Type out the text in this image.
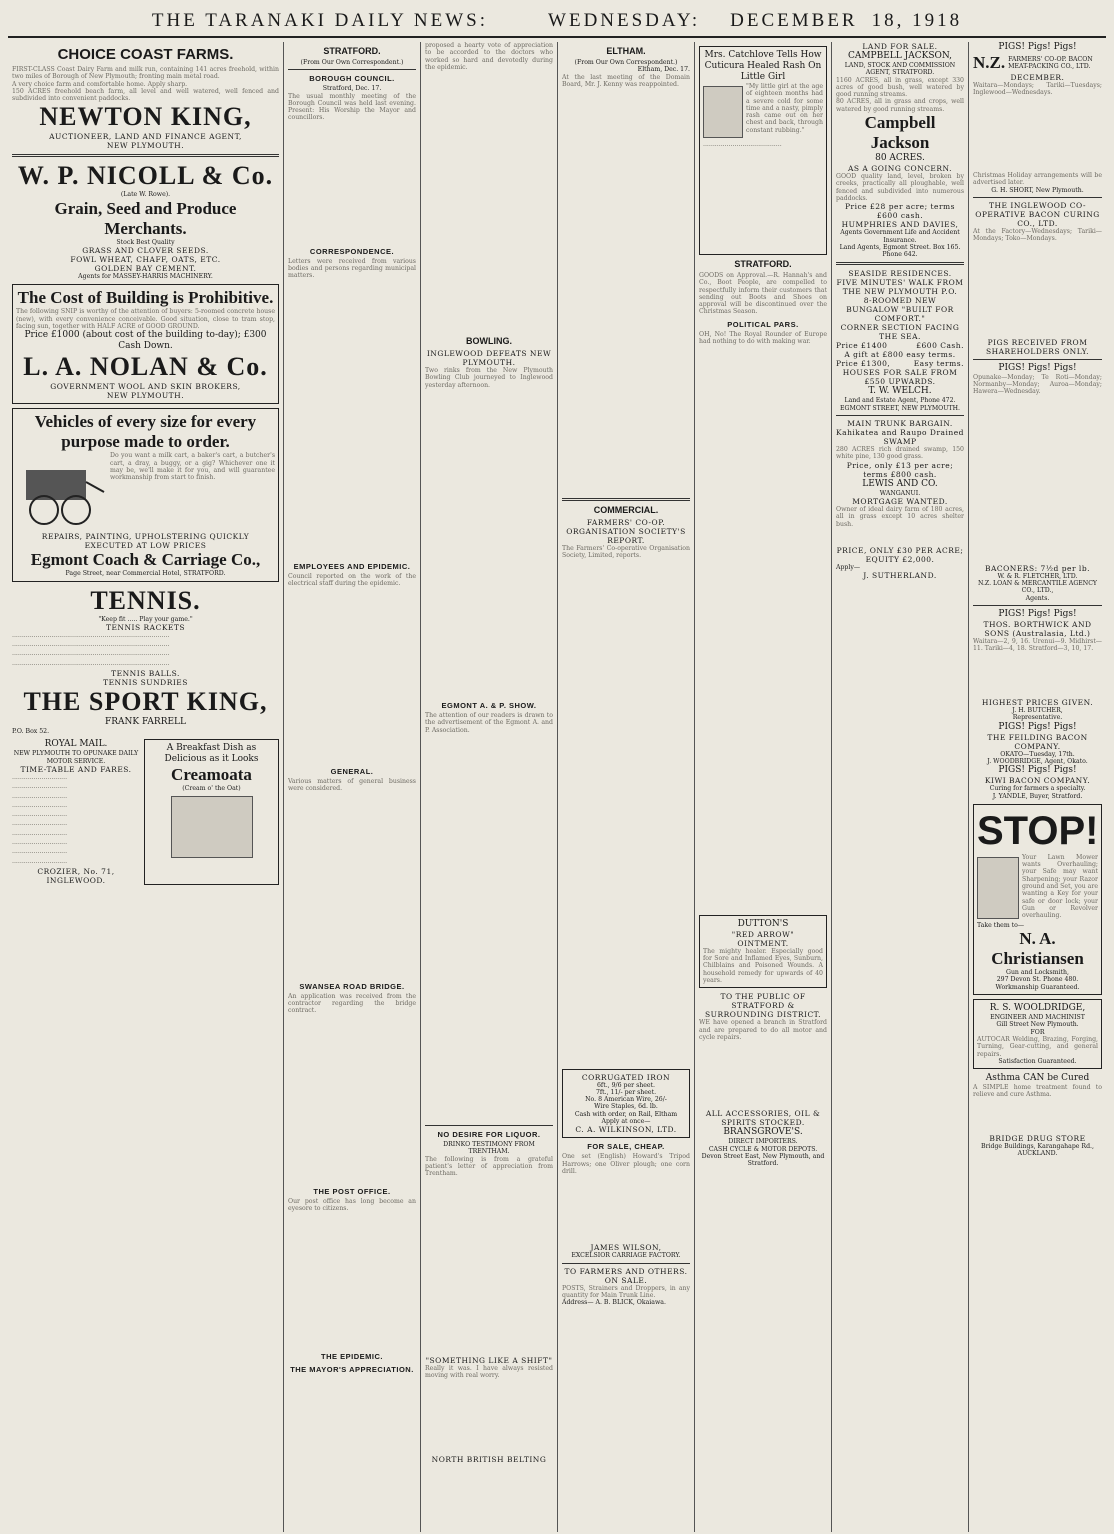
THE TARANAKI DAILY NEWS:	WEDNESDAY: DECEMBER 18, 1918
CHOICE COAST FARMS.
FIRST-CLASS Coast Dairy Farm and milk run, containing 141 acres freehold, within two miles of Borough of New Plymouth; fronting main metal road.
A very choice farm and comfortable home. Apply sharp.
150 ACRES freehold beach farm, all level and well watered, well fenced and subdivided into convenient paddocks.
NEWTON KING,
AUCTIONEER, LAND AND FINANCE AGENT,
NEW PLYMOUTH.
W. P. NICOLL & Co.
(Late W. Rowe).
Grain, Seed and Produce Merchants.
Stock Best Quality
GRASS AND CLOVER SEEDS.
FOWL WHEAT, CHAFF, OATS, ETC.
GOLDEN BAY CEMENT.
Agents for MASSEY-HARRIS MACHINERY.
The Cost of Building is Prohibitive.
The following SNIP is worthy of the attention of buyers: 5-roomed concrete house (new), with every convenience conceivable. Good situation, close to tram stop, facing sun, together with HALF ACRE of GOOD GROUND.
Price £1000 (about cost of the building to-day); £300 Cash Down.
L. A. NOLAN & Co.
GOVERNMENT WOOL AND SKIN BROKERS,
NEW PLYMOUTH.
Vehicles of every size for every
purpose made to order.
Do you want a milk cart, a baker's cart, a butcher's cart, a dray, a buggy, or a gig? Whichever one it may be, we'll make it for you, and will guarantee workmanship from start to finish.
REPAIRS, PAINTING, UPHOLSTERING QUICKLY EXECUTED AT LOW PRICES
Egmont Coach & Carriage Co.,
Page Street, near Commercial Hotel, STRATFORD.
TENNIS.
"Keep fit ..... Play your game."
TENNIS RACKETS

................................................................................

................................................................................

................................................................................

................................................................................

TENNIS BALLS.
TENNIS SUNDRIES
THE SPORT KING,
FRANK FARRELL
P.O. Box 52.
ROYAL MAIL.
NEW PLYMOUTH TO OPUNAKE DAILY MOTOR SERVICE.
TIME-TABLE AND FARES.

............................

............................

............................

............................

............................

............................

............................

............................

............................

............................

CROZIER, No. 71, INGLEWOOD.
A Breakfast Dish as Delicious as it Looks
Creamoata
(Cream o' the Oat)
STRATFORD.
(From Our Own Correspondent.)
BOROUGH COUNCIL.
Stratford, Dec. 17.

The usual monthly meeting of the Borough Council was held last evening. Present: His Worship the Mayor and councillors.

CORRESPONDENCE.

Letters were received from various bodies and persons regarding municipal matters.

EMPLOYEES AND EPIDEMIC.

Council reported on the work of the electrical staff during the epidemic.

GENERAL.

Various matters of general business were considered.

SWANSEA ROAD BRIDGE.

An application was received from the contractor regarding the bridge contract.

THE POST OFFICE.

Our post office has long become an eyesore to citizens.

THE EPIDEMIC.
THE MAYOR'S APPRECIATION.

proposed a hearty vote of appreciation to be accorded to the doctors who worked so hard and devotedly during the epidemic.

BOWLING.
INGLEWOOD DEFEATS NEW PLYMOUTH.

Two rinks from the New Plymouth Bowling Club journeyed to Inglewood yesterday afternoon.

EGMONT A. & P. SHOW.

The attention of our readers is drawn to the advertisement of the Egmont A. and P. Association.

NO DESIRE FOR LIQUOR.
DRINKO TESTIMONY FROM TRENTHAM.

The following is from a grateful patient's letter of appreciation from Trentham.

"SOMETHING LIKE A SHIFT"

Really it was. I have always resisted moving with real worry.

NORTH BRITISH BELTING
ELTHAM.
(From Our Own Correspondent.)
Eltham, Dec. 17.

At the last meeting of the Domain Board, Mr. J. Kenny was reappointed.

COMMERCIAL.
FARMERS' CO-OP. ORGANISATION SOCIETY'S REPORT.

The Farmers' Co-operative Organisation Society, Limited, reports.

CORRUGATED IRON
6ft., 9/6 per sheet.
7ft., 11/- per sheet.
No. 8 American Wire, 26/-
Wire Staples, 6d. lb.
Cash with order, on Rail, Eltham
Apply at once—
C. A. WILKINSON, LTD.
FOR SALE, CHEAP.

One set (English) Howard's Tripod Harrows; one Oliver plough; one corn drill.

JAMES WILSON,
EXCELSIOR CARRIAGE FACTORY.
TO FARMERS AND OTHERS. ON SALE.
POSTS, Strainers and Droppers, in any quantity for Main Trunk Line.
Address— A. B. BLICK, Okaiawa.
Mrs. Catchlove Tells How Cuticura Healed Rash On Little Girl
"My little girl at the age of eighteen months had a severe cold for some time and a nasty, pimply rash came out on her chest and back, through constant rubbing."

........................................

STRATFORD.
GOODS on Approval.—R. Hannah's and Co., Boot People, are compelled to respectfully inform their customers that sending out Boots and Shoes on approval will be discontinued over the Christmas Season.
POLITICAL PARS.

OH, No! The Royal Rounder of Europe had nothing to do with making war.

DUTTON'S
"RED ARROW"
OINTMENT.
The mighty healer. Especially good for Sore and Inflamed Eyes, Sunburn, Chilblains and Poisoned Wounds. A household remedy for upwards of 40 years.
TO THE PUBLIC OF STRATFORD & SURROUNDING DISTRICT.

WE have opened a branch in Stratford and are prepared to do all motor and cycle repairs.

ALL ACCESSORIES, OIL & SPIRITS STOCKED.
BRANSGROVE'S.
DIRECT IMPORTERS.
CASH CYCLE & MOTOR DEPOTS.
Devon Street East, New Plymouth, and Stratford.
LAND FOR SALE.
CAMPBELL JACKSON,
LAND, STOCK AND COMMISSION AGENT, STRATFORD.
1160 ACRES, all in grass, except 330 acres of good bush, well watered by good running streams.
80 ACRES, all in grass and crops, well watered by good running streams.
Campbell Jackson
80 ACRES.
AS A GOING CONCERN.
GOOD quality land, level, broken by creeks, practically all ploughable, well fenced and subdivided into numerous paddocks.
Price £28 per acre; terms £600 cash.
HUMPHRIES AND DAVIES,
Agents Government Life and Accident Insurance.
Land Agents, Egmont Street. Box 165.
Phone 642.
SEASIDE RESIDENCES.
FIVE MINUTES' WALK FROM THE NEW PLYMOUTH P.O.
8-ROOMED NEW BUNGALOW "BUILT FOR COMFORT."
CORNER SECTION FACING THE SEA.
Price £1400	£600 Cash.
A gift at £800 easy terms.
Price £1300,	Easy terms.
HOUSES FOR SALE FROM £550 UPWARDS.
T. W. WELCH.
Land and Estate Agent, Phone 472.
EGMONT STREET, NEW PLYMOUTH.
MAIN TRUNK BARGAIN.
Kahikatea and Raupo Drained SWAMP
280 ACRES rich drained swamp, 150 white pine, 130 good grass.
Price, only £13 per acre; terms £800 cash.
LEWIS AND CO.
WANGANUI.
MORTGAGE WANTED.

Owner of ideal dairy farm of 180 acres, all in grass except 10 acres shelter bush.

PRICE, ONLY £30 PER ACRE; EQUITY £2,000.
Apply—
J. SUTHERLAND.
PIGS! Pigs! Pigs!
N.Z. FARMERS' CO-OP. BACON MEAT-PACKING CO., LTD.
DECEMBER.

Waitara—Mondays; Tariki—Tuesdays; Inglewood—Wednesdays.

Christmas Holiday arrangements will be advertised later.
G. H. SHORT, New Plymouth.
THE INGLEWOOD CO-OPERATIVE BACON CURING CO., LTD.

At the Factory—Wednesdays; Tariki—Mondays; Toko—Mondays.

PIGS RECEIVED FROM SHAREHOLDERS ONLY.
PIGS! Pigs! Pigs!

Opunake—Monday; Te Roti—Monday; Normanby—Monday; Auroa—Monday; Hawera—Wednesday.

BACONERS: 7½d per lb.
W. & R. FLETCHER, LTD.
N.Z. LOAN & MERCANTILE AGENCY CO., LTD.,
Agents.
PIGS! Pigs! Pigs!
THOS. BORTHWICK AND SONS (Australasia, Ltd.)

Waitara—2, 9, 16. Urenui—9. Midhirst—11. Tariki—4, 18. Stratford—3, 10, 17.

HIGHEST PRICES GIVEN.
J. H. BUTCHER,
Representative.
PIGS! Pigs! Pigs!
THE FEILDING BACON COMPANY.
OKATO—Tuesday, 17th.
J. WOODBRIDGE, Agent, Okato.
PIGS! Pigs! Pigs!
KIWI BACON COMPANY.
Curing for farmers a specialty.
J. YANDLE, Buyer, Stratford.
STOP!
Your Lawn Mower wants Overhauling; your Safe may want Sharpening; your Razor ground and Set, you are wanting a Key for your safe or door lock; your Gun or Revolver overhauling.
Take them to—
N. A. Christiansen
Gun and Locksmith,
297 Devon St. Phone 480.
Workmanship Guaranteed.
R. S. WOOLDRIDGE,
ENGINEER AND MACHINIST
Gill Street New Plymouth.
FOR
AUTOCAR Welding, Brazing, Forging, Turning, Gear-cutting, and general repairs.
Satisfaction Guaranteed.
Asthma CAN be Cured

A SIMPLE home treatment found to relieve and cure Asthma.

BRIDGE DRUG STORE
Bridge Buildings, Karangahape Rd., AUCKLAND.
